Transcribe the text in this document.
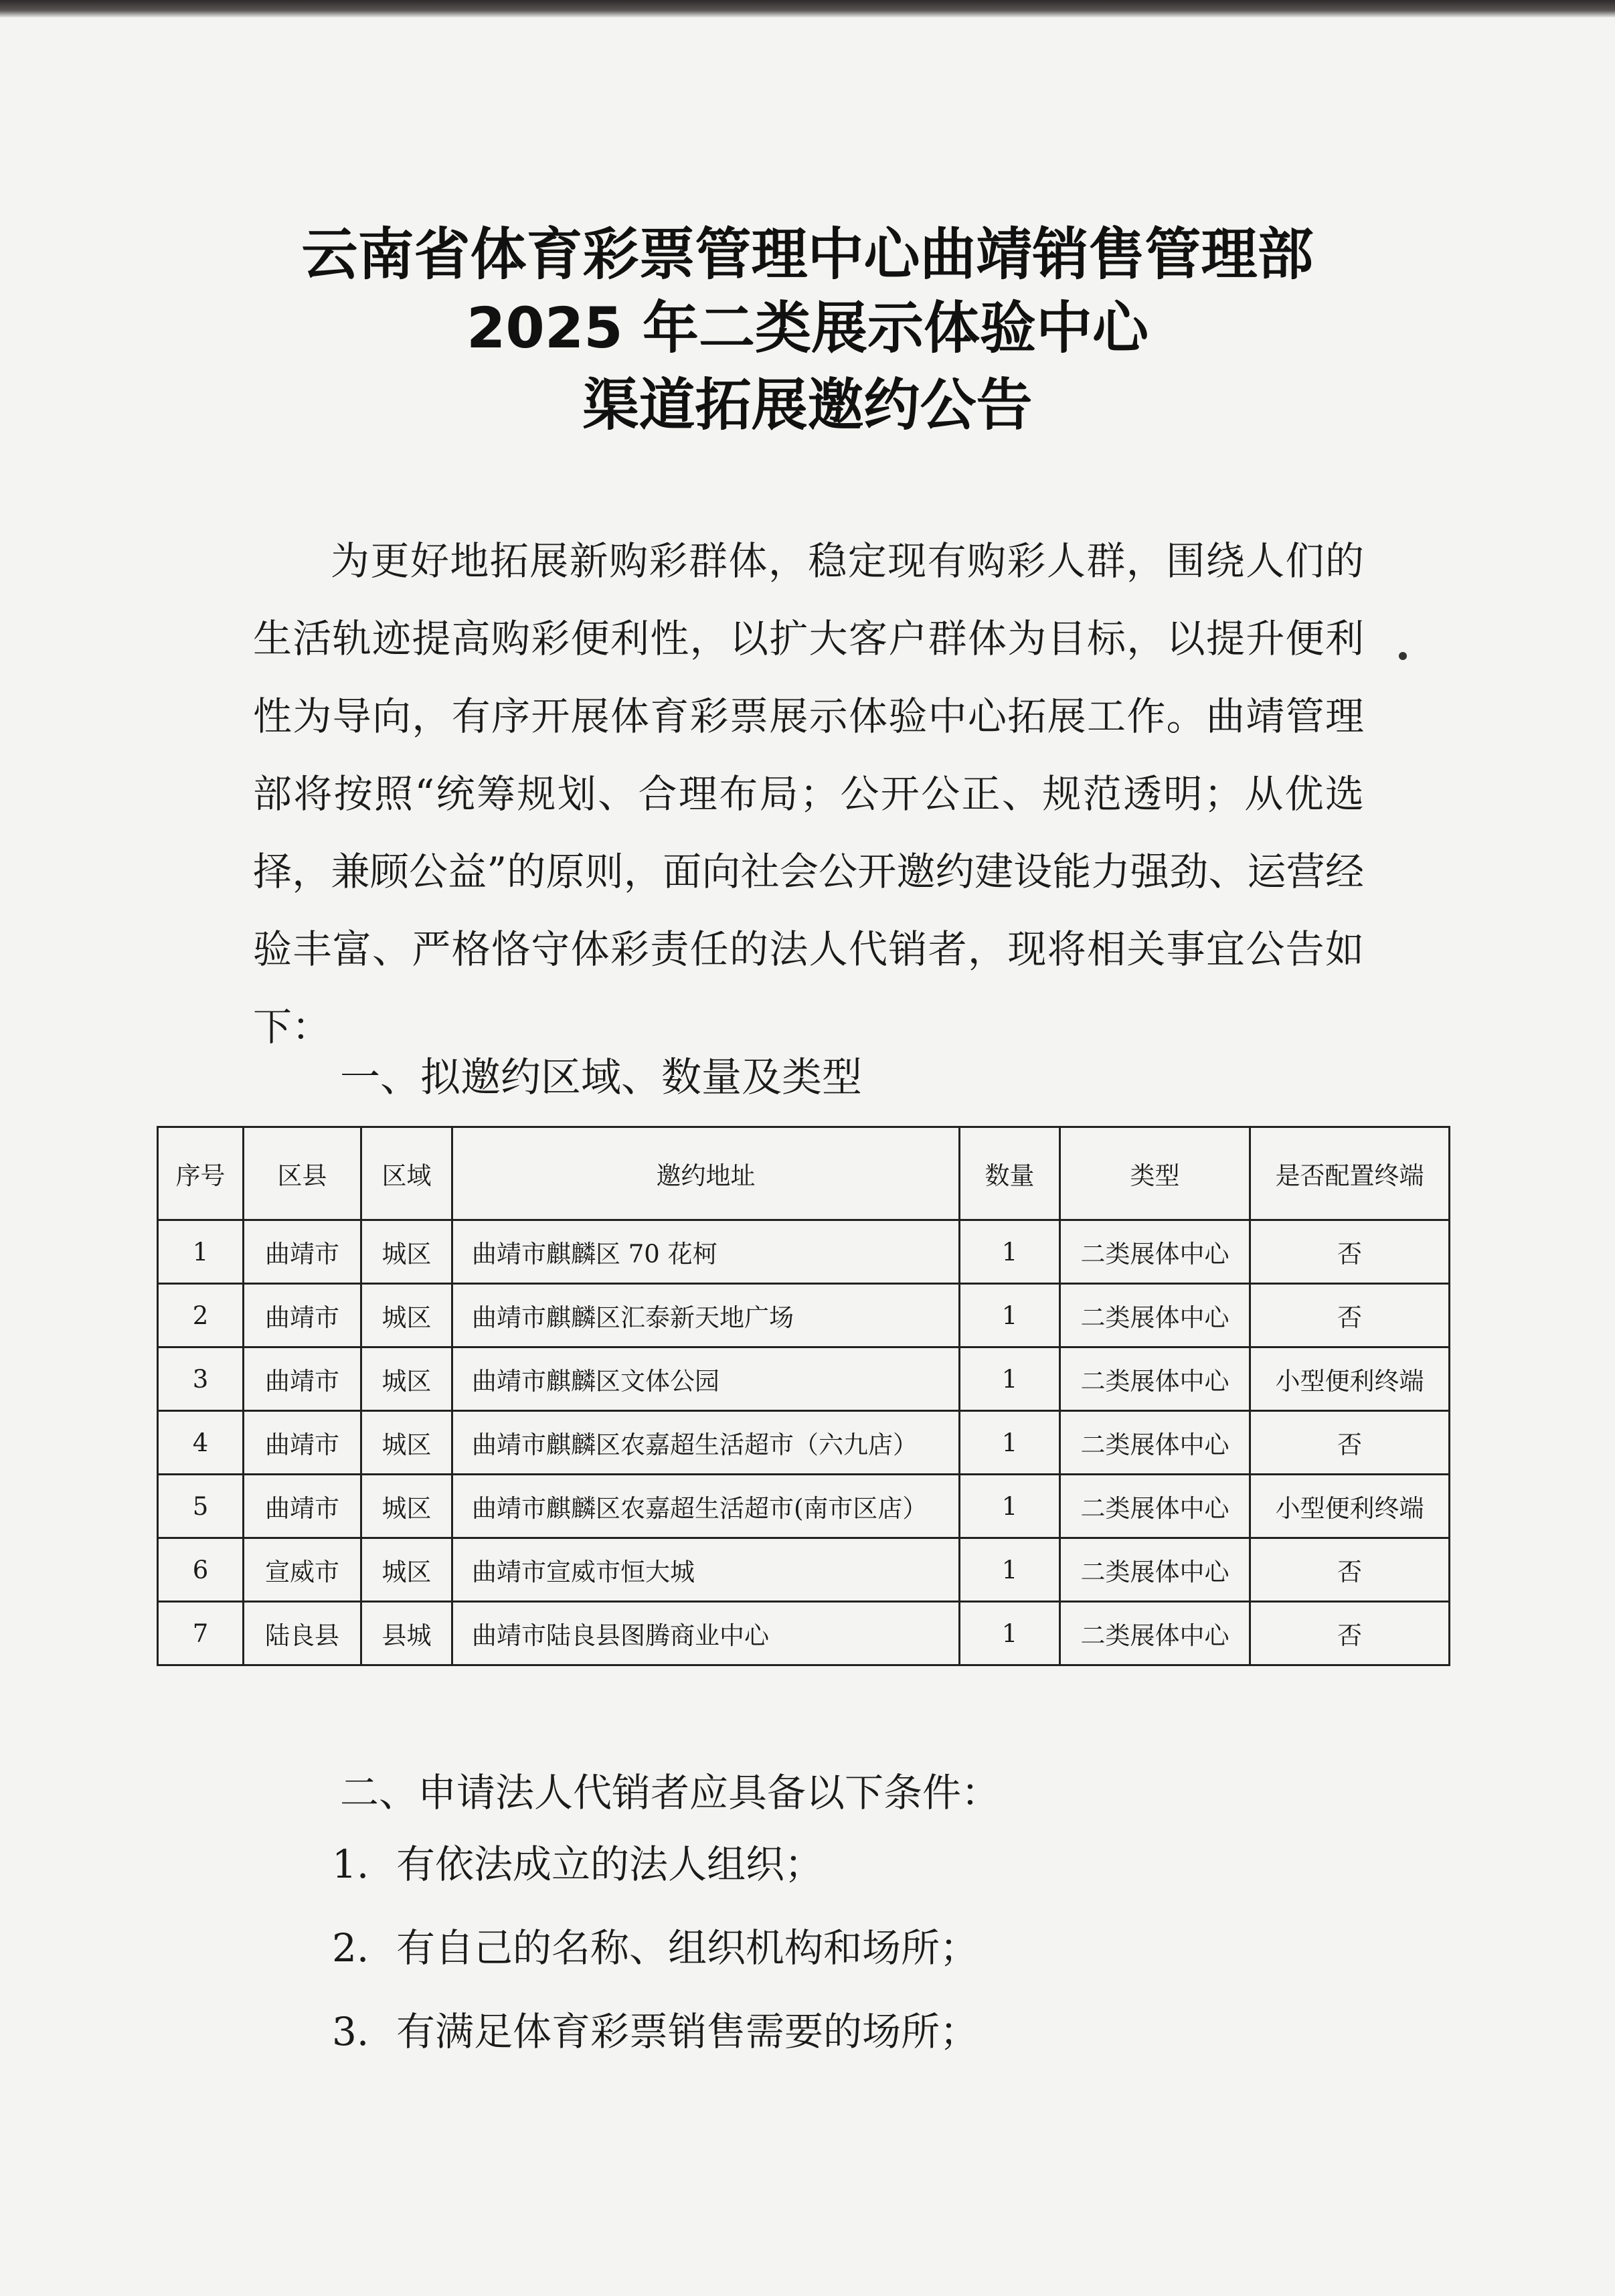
云南省体育彩票管理中心曲靖销售管理部
2025 年二类展示体验中心
渠道拓展邀约公告

为更好地拓展新购彩群体，稳定现有购彩人群，围绕人们的生活轨迹提高购彩便利性，以扩大客户群体为目标，以提升便利性为导向，有序开展体育彩票展示体验中心拓展工作。曲靖管理部将按照“统筹规划、合理布局；公开公正、规范透明；从优选择，兼顾公益”的原则，面向社会公开邀约建设能力强劲、运营经验丰富、严格恪守体彩责任的法人代销者，现将相关事宜公告如下：

一、拟邀约区域、数量及类型

序号	区县	区域	邀约地址	数量	类型	是否配置终端
1	曲靖市	城区	曲靖市麒麟区 70 花柯	1	二类展体中心	否
2	曲靖市	城区	曲靖市麒麟区汇泰新天地广场	1	二类展体中心	否
3	曲靖市	城区	曲靖市麒麟区文体公园	1	二类展体中心	小型便利终端
4	曲靖市	城区	曲靖市麒麟区农嘉超生活超市（六九店）	1	二类展体中心	否
5	曲靖市	城区	曲靖市麒麟区农嘉超生活超市(南市区店）	1	二类展体中心	小型便利终端
6	宣威市	城区	曲靖市宣威市恒大城	1	二类展体中心	否
7	陆良县	县城	曲靖市陆良县图腾商业中心	1	二类展体中心	否

二、申请法人代销者应具备以下条件：

1. 有依法成立的法人组织；

2. 有自己的名称、组织机构和场所；

3. 有满足体育彩票销售需要的场所；
